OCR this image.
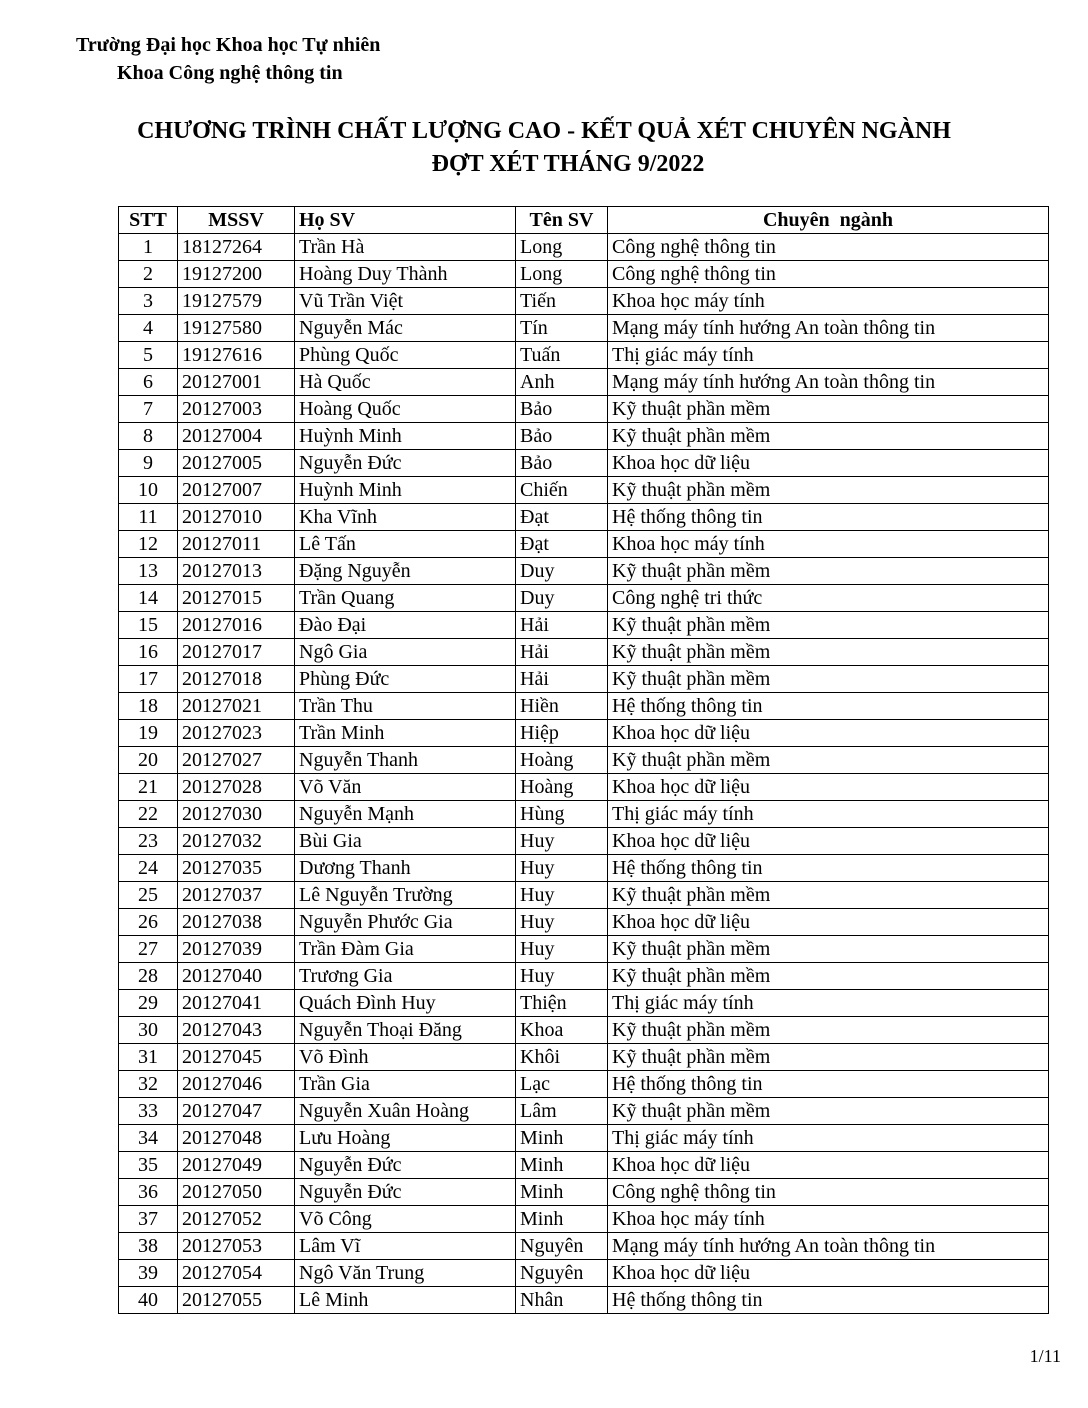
Trường Đại học Khoa học Tự nhiên
Khoa Công nghệ thông tin
CHƯƠNG TRÌNH CHẤT LƯỢNG CAO - KẾT QUẢ XÉT CHUYÊN NGÀNH
ĐỢT XÉT THÁNG 9/2022
STT	MSSV	Họ SV	Tên SV	Chuyên  ngành
1	18127264	Trần Hà	Long	Công nghệ thông tin
2	19127200	Hoàng Duy Thành	Long	Công nghệ thông tin
3	19127579	Vũ Trần Việt	Tiến	Khoa học máy tính
4	19127580	Nguyễn Mác	Tín	Mạng máy tính hướng An toàn thông tin
5	19127616	Phùng Quốc	Tuấn	Thị giác máy tính
6	20127001	Hà Quốc	Anh	Mạng máy tính hướng An toàn thông tin
7	20127003	Hoàng Quốc	Bảo	Kỹ thuật phần mềm
8	20127004	Huỳnh Minh	Bảo	Kỹ thuật phần mềm
9	20127005	Nguyễn Đức	Bảo	Khoa học dữ liệu
10	20127007	Huỳnh Minh	Chiến	Kỹ thuật phần mềm
11	20127010	Kha Vĩnh	Đạt	Hệ thống thông tin
12	20127011	Lê Tấn	Đạt	Khoa học máy tính
13	20127013	Đặng Nguyễn	Duy	Kỹ thuật phần mềm
14	20127015	Trần Quang	Duy	Công nghệ tri thức
15	20127016	Đào Đại	Hải	Kỹ thuật phần mềm
16	20127017	Ngô Gia	Hải	Kỹ thuật phần mềm
17	20127018	Phùng Đức	Hải	Kỹ thuật phần mềm
18	20127021	Trần Thu	Hiền	Hệ thống thông tin
19	20127023	Trần Minh	Hiệp	Khoa học dữ liệu
20	20127027	Nguyễn Thanh	Hoàng	Kỹ thuật phần mềm
21	20127028	Võ Văn	Hoàng	Khoa học dữ liệu
22	20127030	Nguyễn Mạnh	Hùng	Thị giác máy tính
23	20127032	Bùi Gia	Huy	Khoa học dữ liệu
24	20127035	Dương Thanh	Huy	Hệ thống thông tin
25	20127037	Lê Nguyễn Trường	Huy	Kỹ thuật phần mềm
26	20127038	Nguyễn Phước Gia	Huy	Khoa học dữ liệu
27	20127039	Trần Đàm Gia	Huy	Kỹ thuật phần mềm
28	20127040	Trương Gia	Huy	Kỹ thuật phần mềm
29	20127041	Quách Đình Huy	Thiện	Thị giác máy tính
30	20127043	Nguyễn Thoại Đăng	Khoa	Kỹ thuật phần mềm
31	20127045	Võ Đình	Khôi	Kỹ thuật phần mềm
32	20127046	Trần Gia	Lạc	Hệ thống thông tin
33	20127047	Nguyễn Xuân Hoàng	Lâm	Kỹ thuật phần mềm
34	20127048	Lưu Hoàng	Minh	Thị giác máy tính
35	20127049	Nguyễn Đức	Minh	Khoa học dữ liệu
36	20127050	Nguyễn Đức	Minh	Công nghệ thông tin
37	20127052	Võ Công	Minh	Khoa học máy tính
38	20127053	Lâm Vĩ	Nguyên	Mạng máy tính hướng An toàn thông tin
39	20127054	Ngô Văn Trung	Nguyên	Khoa học dữ liệu
40	20127055	Lê Minh	Nhân	Hệ thống thông tin
1/11
